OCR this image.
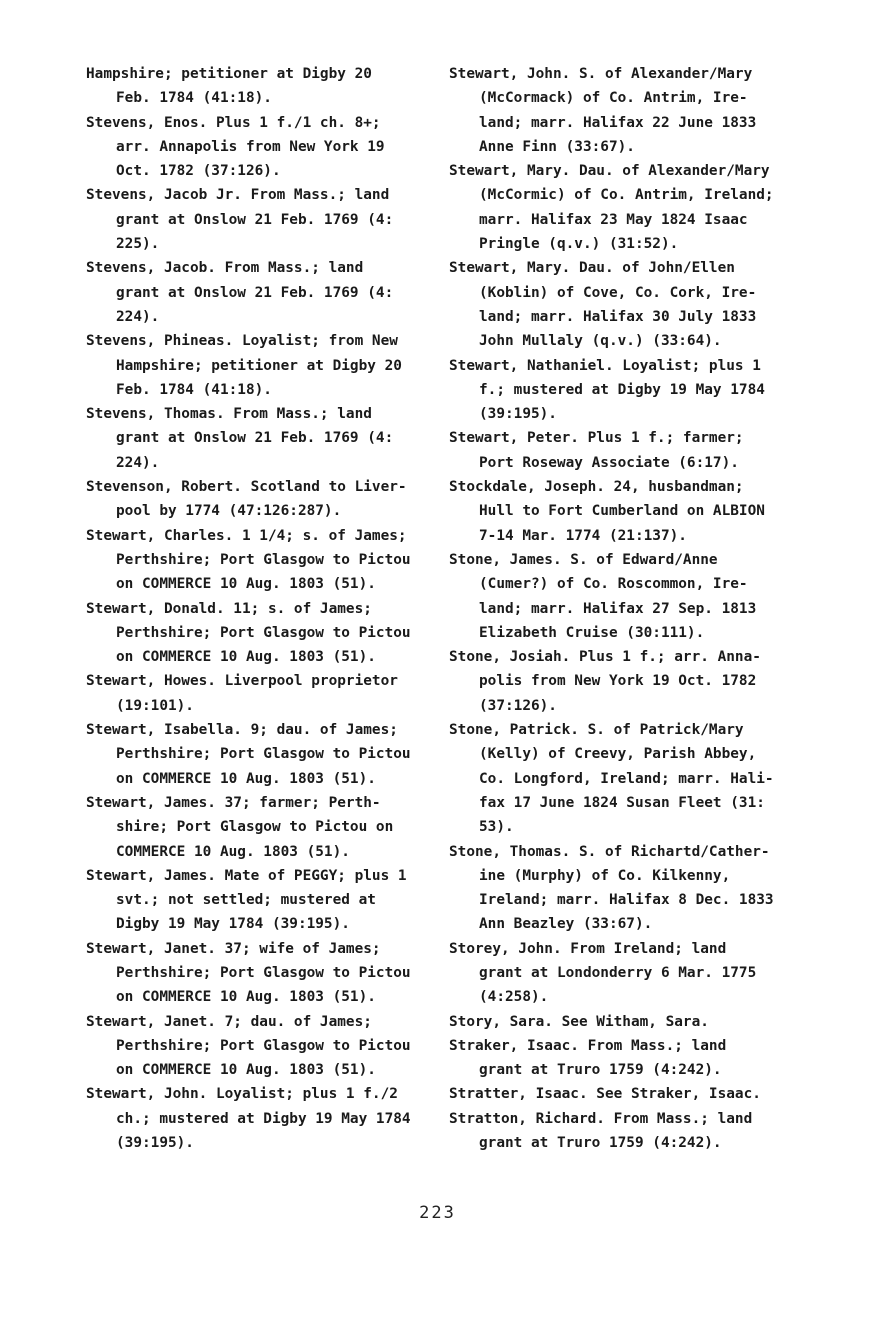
Hampshire; petitioner at Digby 20
Feb. 1784 (41:18).

Stevens, Enos. Plus 1 f./1 ch. 8+;
arr. Annapolis from New York 19
Oct. 1782 (37:126).

Stevens, Jacob Jr. From Mass.; land
grant at Onslow 21 Feb. 1769 (4:
225).

Stevens, Jacob. From Mass.; land
grant at Onslow 21 Feb. 1769 (4:
224).

Stevens, Phineas. Loyalist; from New
Hampshire; petitioner at Digby 20
Feb. 1784 (41:18).

Stevens, Thomas. From Mass.; land
grant at Onslow 21 Feb. 1769 (4:
224).

Stevenson, Robert. Scotland to Liver-
pool by 1774 (47:126:287).

Stewart, Charles. 1 1/4; s. of James;
Perthshire; Port Glasgow to Pictou
on COMMERCE 10 Aug. 1803 (51).

Stewart, Donald. 11; s. of James;
Perthshire; Port Glasgow to Pictou
on COMMERCE 10 Aug. 1803 (51).

Stewart, Howes. Liverpool proprietor
(19:101).

Stewart, Isabella. 9; dau. of James;
Perthshire; Port Glasgow to Pictou
on COMMERCE 10 Aug. 1803 (51).

Stewart, James. 37; farmer; Perth-
shire; Port Glasgow to Pictou on
COMMERCE 10 Aug. 1803 (51).

Stewart, James. Mate of PEGGY; plus 1
svt.; not settled; mustered at
Digby 19 May 1784 (39:195).

Stewart, Janet. 37; wife of James;
Perthshire; Port Glasgow to Pictou
on COMMERCE 10 Aug. 1803 (51).

Stewart, Janet. 7; dau. of James;
Perthshire; Port Glasgow to Pictou
on COMMERCE 10 Aug. 1803 (51).

Stewart, John. Loyalist; plus 1 f./2
ch.; mustered at Digby 19 May 1784
(39:195).

Stewart, John. S. of Alexander/Mary
(McCormack) of Co. Antrim, Ire-
land; marr. Halifax 22 June 1833
Anne Finn (33:67).

Stewart, Mary. Dau. of Alexander/Mary
(McCormic) of Co. Antrim, Ireland;
marr. Halifax 23 May 1824 Isaac
Pringle (q.v.) (31:52).

Stewart, Mary. Dau. of John/Ellen
(Koblin) of Cove, Co. Cork, Ire-
land; marr. Halifax 30 July 1833
John Mullaly (q.v.) (33:64).

Stewart, Nathaniel. Loyalist; plus 1
f.; mustered at Digby 19 May 1784
(39:195).

Stewart, Peter. Plus 1 f.; farmer;
Port Roseway Associate (6:17).

Stockdale, Joseph. 24, husbandman;
Hull to Fort Cumberland on ALBION
7-14 Mar. 1774 (21:137).

Stone, James. S. of Edward/Anne
(Cumer?) of Co. Roscommon, Ire-
land; marr. Halifax 27 Sep. 1813
Elizabeth Cruise (30:111).

Stone, Josiah. Plus 1 f.; arr. Anna-
polis from New York 19 Oct. 1782
(37:126).

Stone, Patrick. S. of Patrick/Mary
(Kelly) of Creevy, Parish Abbey,
Co. Longford, Ireland; marr. Hali-
fax 17 June 1824 Susan Fleet (31:
53).

Stone, Thomas. S. of Richartd/Cather-
ine (Murphy) of Co. Kilkenny,
Ireland; marr. Halifax 8 Dec. 1833
Ann Beazley (33:67).

Storey, John. From Ireland; land
grant at Londonderry 6 Mar. 1775
(4:258).

Story, Sara. See Witham, Sara.

Straker, Isaac. From Mass.; land
grant at Truro 1759 (4:242).

Stratter, Isaac. See Straker, Isaac.

Stratton, Richard. From Mass.; land
grant at Truro 1759 (4:242).

223
